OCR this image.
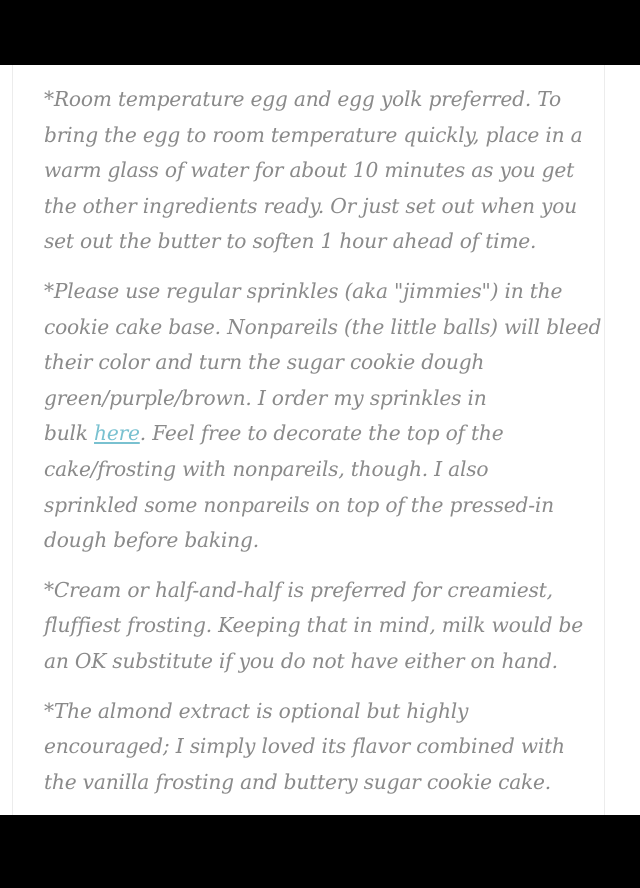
*Room temperature egg and egg yolk preferred. To
bring the egg to room temperature quickly, place in a
warm glass of water for about 10 minutes as you get
the other ingredients ready. Or just set out when you
set out the butter to soften 1 hour ahead of time.

*Please use regular sprinkles (aka "jimmies") in the
cookie cake base. Nonpareils (the little balls) will bleed
their color and turn the sugar cookie dough
green/purple/brown. I order my sprinkles in
bulk here. Feel free to decorate the top of the
cake/frosting with nonpareils, though. I also
sprinkled some nonpareils on top of the pressed-in
dough before baking.

*Cream or half-and-half is preferred for creamiest,
fluffiest frosting. Keeping that in mind, milk would be
an OK substitute if you do not have either on hand.

*The almond extract is optional but highly
encouraged; I simply loved its flavor combined with
the vanilla frosting and buttery sugar cookie cake.
